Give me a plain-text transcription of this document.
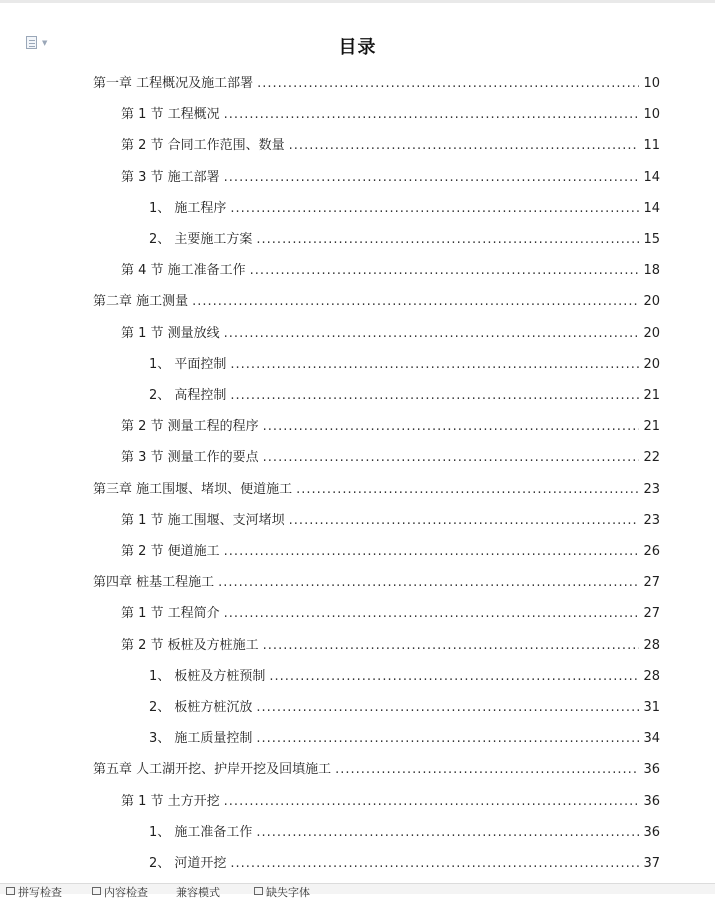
▼	目录
第一章 工程概况及施工部署 .....	10
第 1 节 工程概况 .....	10
第 2 节 合同工作范围、数量 .....	11
第 3 节 施工部署 .....	14
1、 施工程序 .....	14
2、 主要施工方案 .....	15
第 4 节 施工准备工作 .....	18
第二章 施工测量 .....	20
第 1 节 测量放线 .....	20
1、 平面控制 .....	20
2、 高程控制 .....	21
第 2 节 测量工程的程序 .....	21
第 3 节 测量工作的要点 .....	22
第三章 施工围堰、堵坝、便道施工 .....	23
第 1 节 施工围堰、支河堵坝 .....	23
第 2 节 便道施工 .....	26
第四章 桩基工程施工 .....	27
第 1 节 工程简介 .....	27
第 2 节 板桩及方桩施工 .....	28
1、 板桩及方桩预制 .....	28
2、 板桩方桩沉放 .....	31
3、 施工质量控制 .....	34
第五章 人工湖开挖、护岸开挖及回填施工 .....	36
第 1 节 土方开挖 .....	36
1、 施工准备工作 .....	36
2、 河道开挖 .....	37
拼写检查	内容检查	兼容模式	缺失字体
